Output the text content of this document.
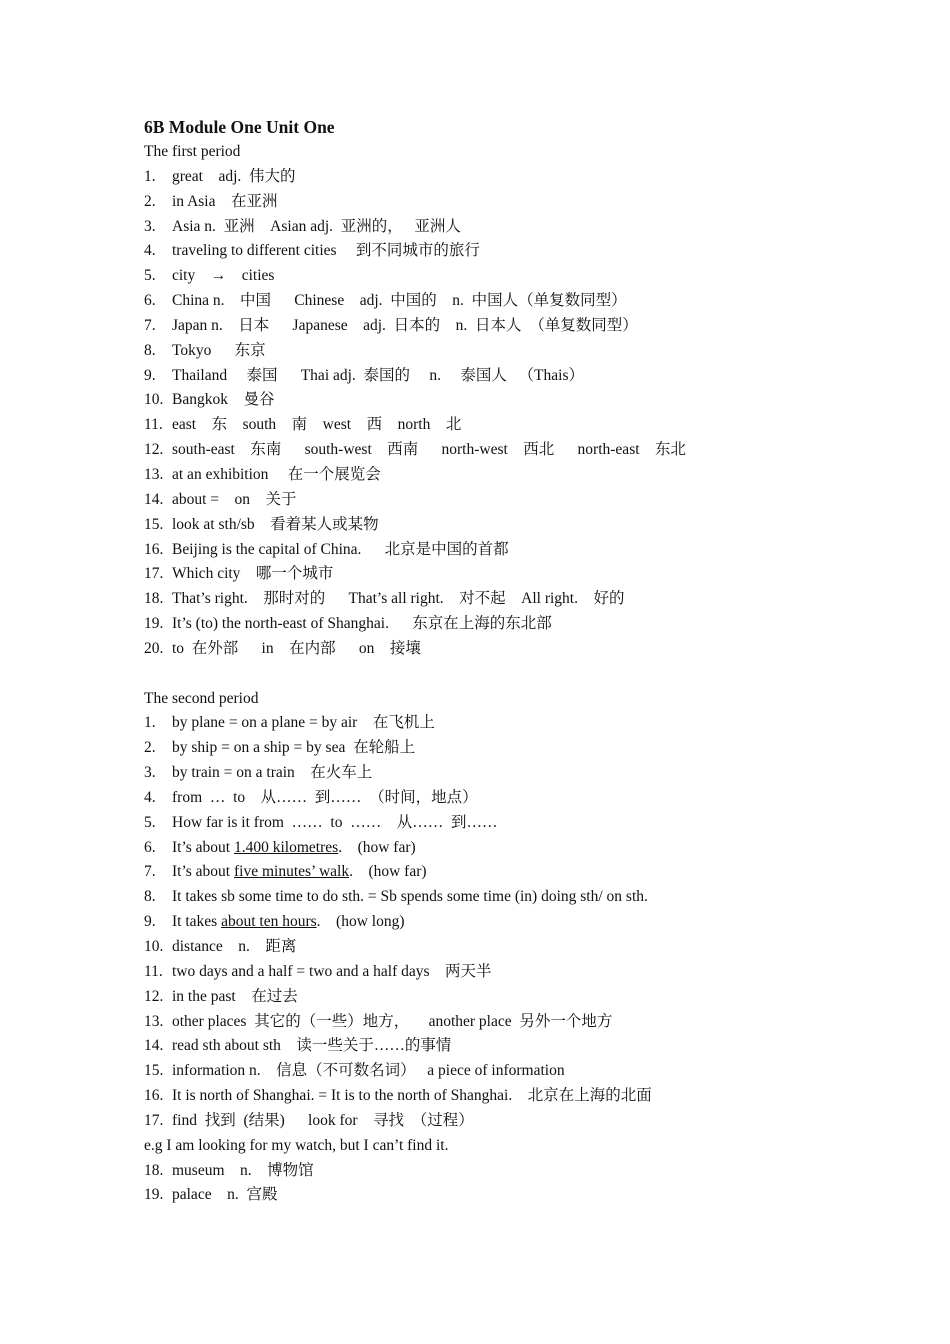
6B Module One Unit One
The first period
1. great    adj.  伟大的
2. in Asia    在亚洲
3. Asia n.  亚洲    Asian adj.  亚洲的，   亚洲人
4. traveling to different cities     到不同城市的旅行
5. city    →    cities
6. China n.    中国      Chinese    adj.  中国的    n.  中国人（单复数同型）
7. Japan n.    日本      Japanese    adj.  日本的    n.  日本人  （单复数同型）
8. Tokyo      东京
9. Thailand     泰国      Thai adj.  泰国的     n.     泰国人   （Thais）
10. Bangkok    曼谷
11. east    东    south    南    west    西    north    北
12. south-east    东南      south-west    西南      north-west    西北      north-east    东北
13. at an exhibition     在一个展览会
14. about =    on    关于
15. look at sth/sb    看着某人或某物
16. Beijing is the capital of China.      北京是中国的首都
17. Which city    哪一个城市
18. That’s right.    那时对的      That’s all right.    对不起    All right.    好的
19. It’s (to) the north-east of Shanghai.      东京在上海的东北部
20. to  在外部      in    在内部      on    接壤
The second period
1. by plane = on a plane = by air    在飞机上
2. by ship = on a ship = by sea  在轮船上
3. by train = on a train    在火车上
4. from  …  to    从……  到……  （时间，地点）
5. How far is it from  ……  to  ……    从……  到……
6. It’s about 1.400 kilometres.    (how far)
7. It’s about five minutes’ walk.    (how far)
8. It takes sb some time to do sth. = Sb spends some time (in) doing sth/ on sth.
9. It takes about ten hours.    (how long)
10. distance    n.    距离
11. two days and a half = two and a half days    两天半
12. in the past    在过去
13. other places  其它的（一些）地方，     another place  另外一个地方
14. read sth about sth    读一些关于……的事情
15. information n.    信息（不可数名词）   a piece of information
16. It is north of Shanghai. = It is to the north of Shanghai.    北京在上海的北面
17. find  找到  (结果)      look for    寻找  （过程）
e.g I am looking for my watch, but I can’t find it.
18. museum    n.    博物馆
19. palace    n.  宫殿
